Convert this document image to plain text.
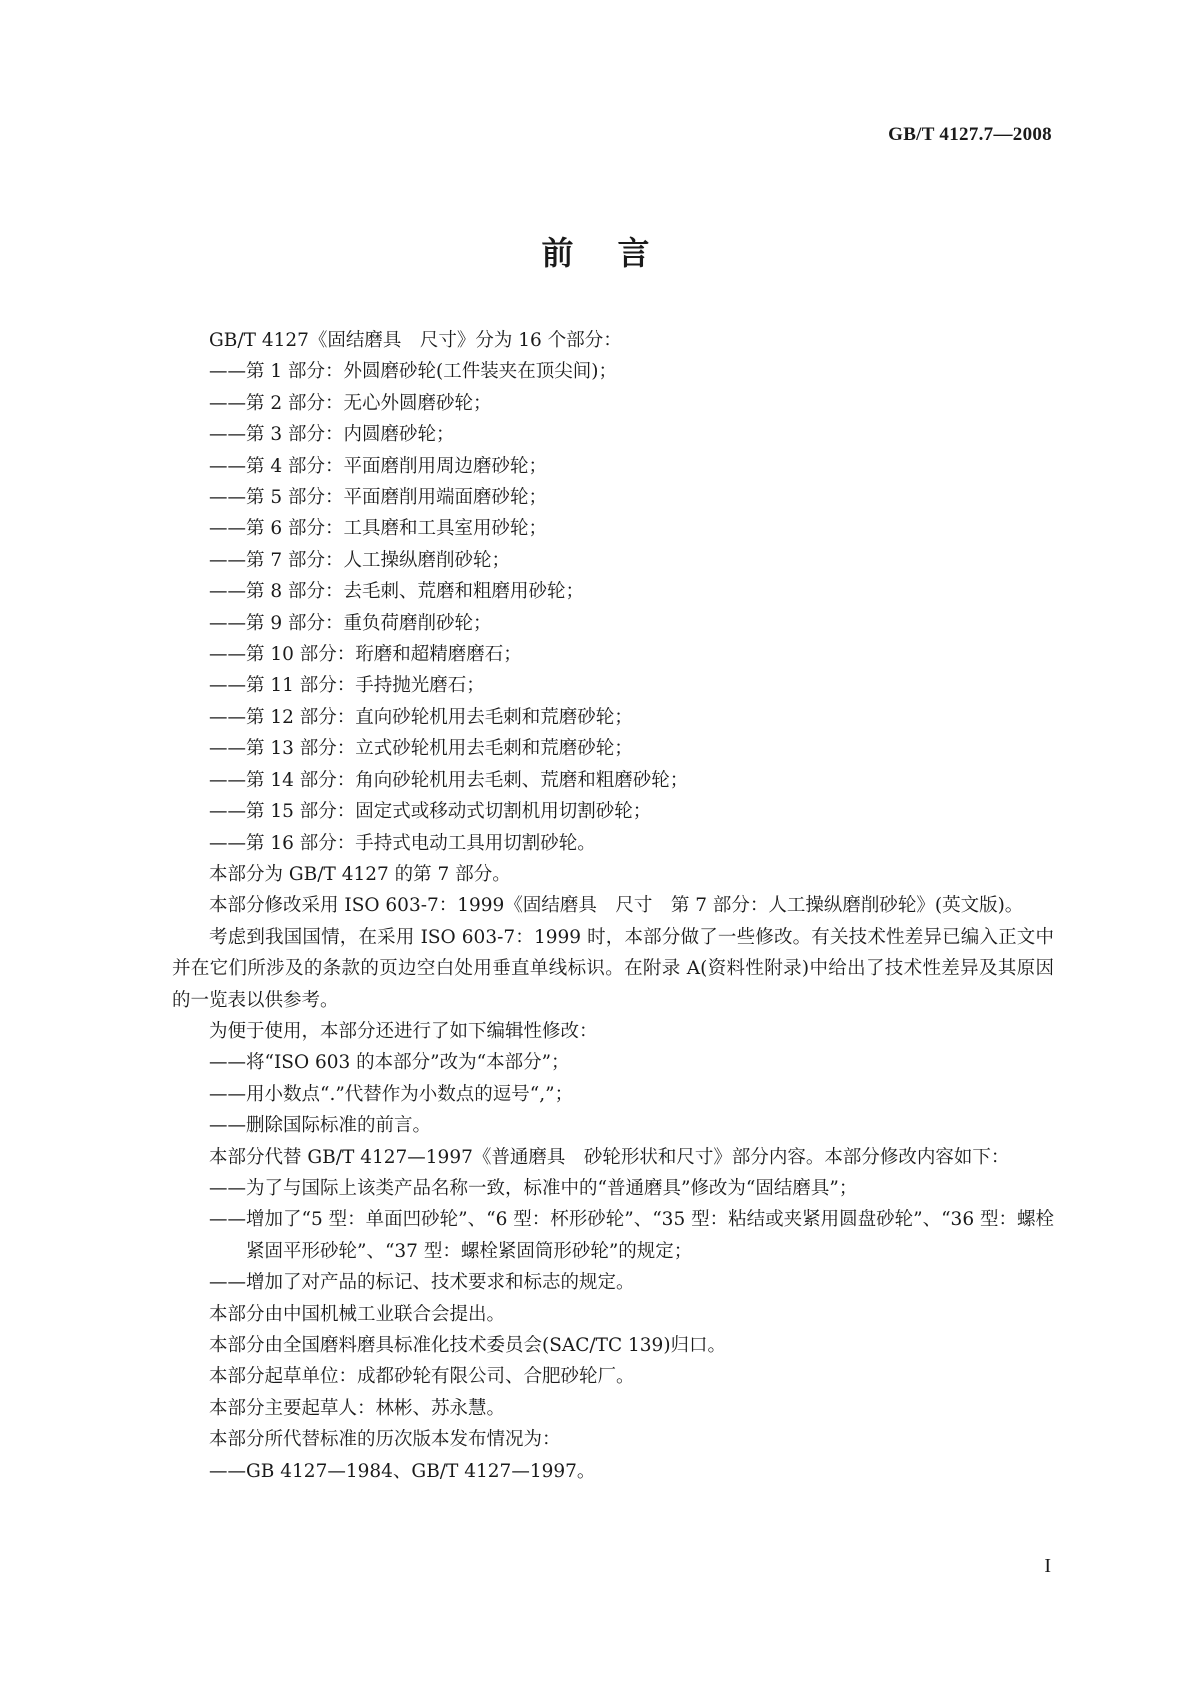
GB/T 4127.7—2008
前言

GB/T 4127《固结磨具　尺寸》分为 16 个部分：

——第 1 部分：外圆磨砂轮(工件装夹在顶尖间)；

——第 2 部分：无心外圆磨砂轮；

——第 3 部分：内圆磨砂轮；

——第 4 部分：平面磨削用周边磨砂轮；

——第 5 部分：平面磨削用端面磨砂轮；

——第 6 部分：工具磨和工具室用砂轮；

——第 7 部分：人工操纵磨削砂轮；

——第 8 部分：去毛刺、荒磨和粗磨用砂轮；

——第 9 部分：重负荷磨削砂轮；

——第 10 部分：珩磨和超精磨磨石；

——第 11 部分：手持抛光磨石；

——第 12 部分：直向砂轮机用去毛刺和荒磨砂轮；

——第 13 部分：立式砂轮机用去毛刺和荒磨砂轮；

——第 14 部分：角向砂轮机用去毛刺、荒磨和粗磨砂轮；

——第 15 部分：固定式或移动式切割机用切割砂轮；

——第 16 部分：手持式电动工具用切割砂轮。

本部分为 GB/T 4127 的第 7 部分。

本部分修改采用 ISO 603-7：1999《固结磨具　尺寸　第 7 部分：人工操纵磨削砂轮》(英文版)。

考虑到我国国情，在采用 ISO 603-7：1999 时，本部分做了一些修改。有关技术性差异已编入正文中并在它们所涉及的条款的页边空白处用垂直单线标识。在附录 A(资料性附录)中给出了技术性差异及其原因的一览表以供参考。

为便于使用，本部分还进行了如下编辑性修改：

——将“ISO 603 的本部分”改为“本部分”；

——用小数点“.”代替作为小数点的逗号“,”；

——删除国际标准的前言。

本部分代替 GB/T 4127—1997《普通磨具　砂轮形状和尺寸》部分内容。本部分修改内容如下：

——为了与国际上该类产品名称一致，标准中的“普通磨具”修改为“固结磨具”；

——增加了“5 型：单面凹砂轮”、“6 型：杯形砂轮”、“35 型：粘结或夹紧用圆盘砂轮”、“36 型：螺栓紧固平形砂轮”、“37 型：螺栓紧固筒形砂轮”的规定；

——增加了对产品的标记、技术要求和标志的规定。

本部分由中国机械工业联合会提出。

本部分由全国磨料磨具标准化技术委员会(SAC/TC 139)归口。

本部分起草单位：成都砂轮有限公司、合肥砂轮厂。

本部分主要起草人：林彬、苏永慧。

本部分所代替标准的历次版本发布情况为：

——GB 4127—1984、GB/T 4127—1997。

I
